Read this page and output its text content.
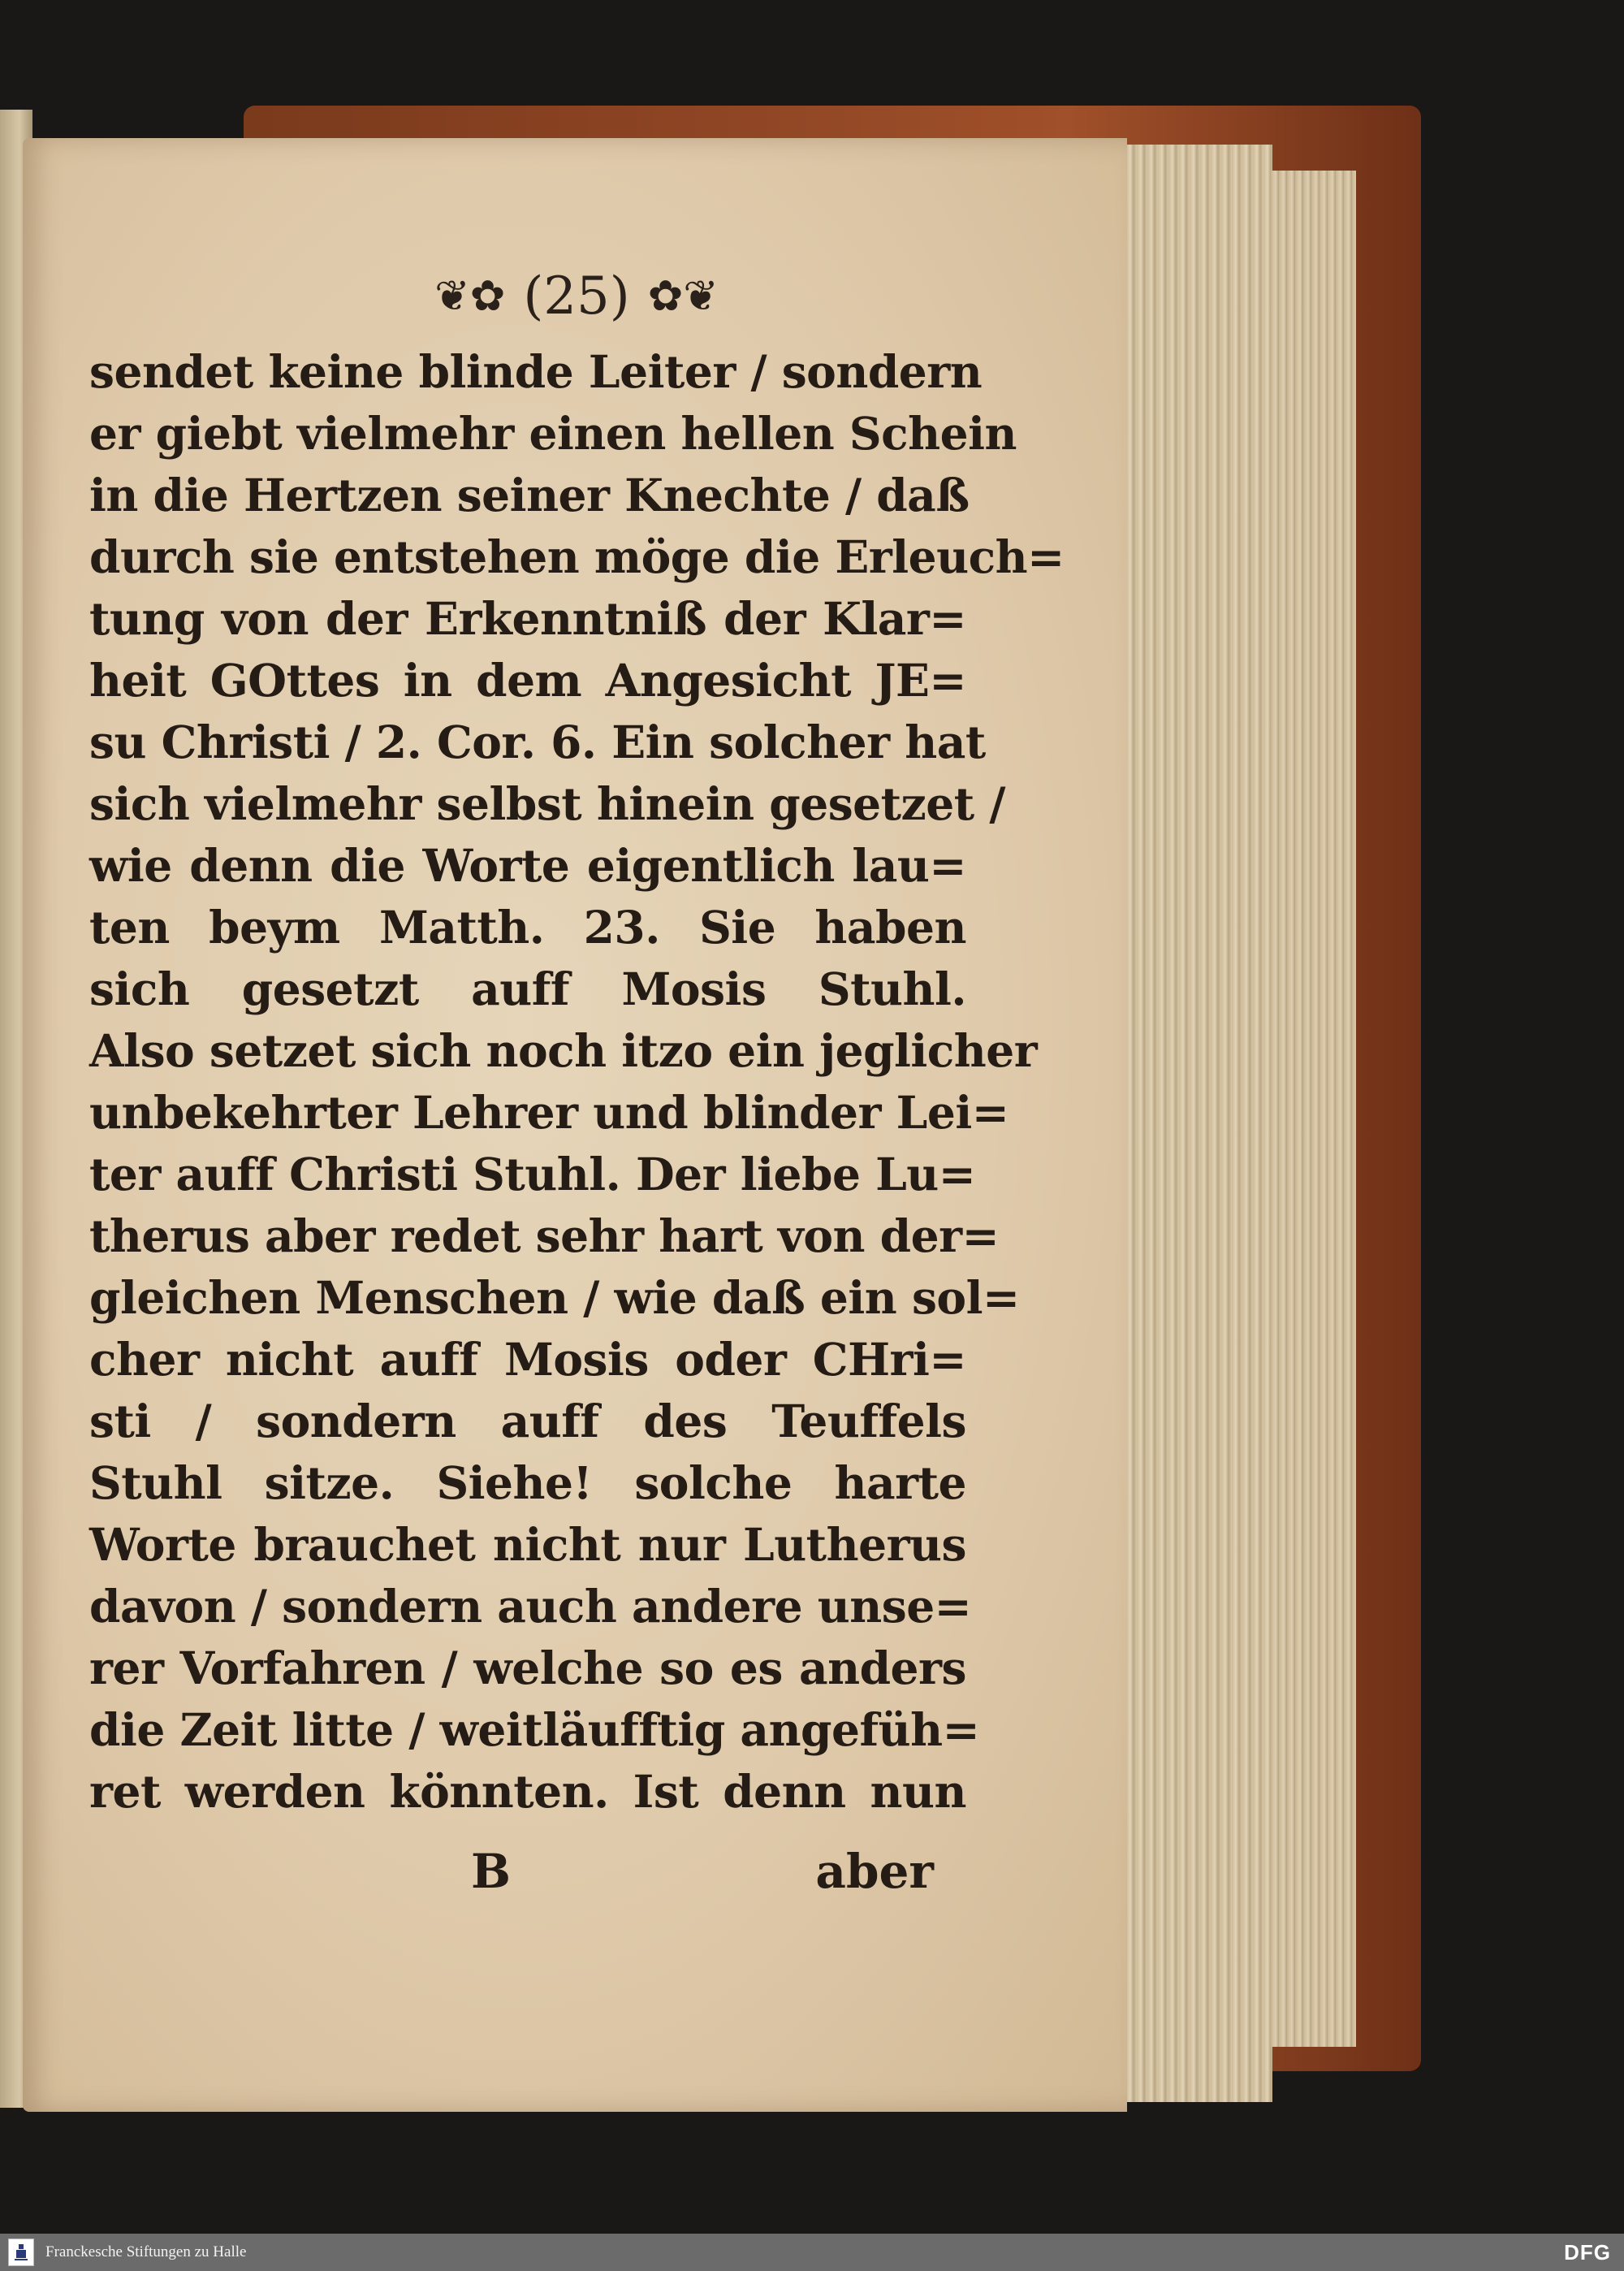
❦✿ (25) ✿❦
sendet keine blinde Leiter / sondern
er giebt vielmehr einen hellen Schein
in die Hertzen seiner Knechte / daß
durch sie entstehen möge die Erleuch=
tung von der Erkenntniß der Klar=
heit GOttes in dem Angesicht JE=
su Christi / 2. Cor. 6. Ein solcher hat
sich vielmehr selbst hinein gesetzet /
wie denn die Worte eigentlich lau=
ten beym Matth. 23. Sie haben
sich gesetzt auff Mosis Stuhl.
Also setzet sich noch itzo ein jeglicher
unbekehrter Lehrer und blinder Lei=
ter auff Christi Stuhl. Der liebe Lu=
therus aber redet sehr hart von der=
gleichen Menschen / wie daß ein sol=
cher nicht auff Mosis oder CHri=
sti / sondern auff des Teuffels
Stuhl sitze. Siehe! solche harte
Worte brauchet nicht nur Lutherus
davon / sondern auch andere unse=
rer Vorfahren / welche so es anders
die Zeit litte / weitläufftig angefüh=
ret werden könnten. Ist denn nun
B	aber
Franckesche Stiftungen zu Halle	DFG
